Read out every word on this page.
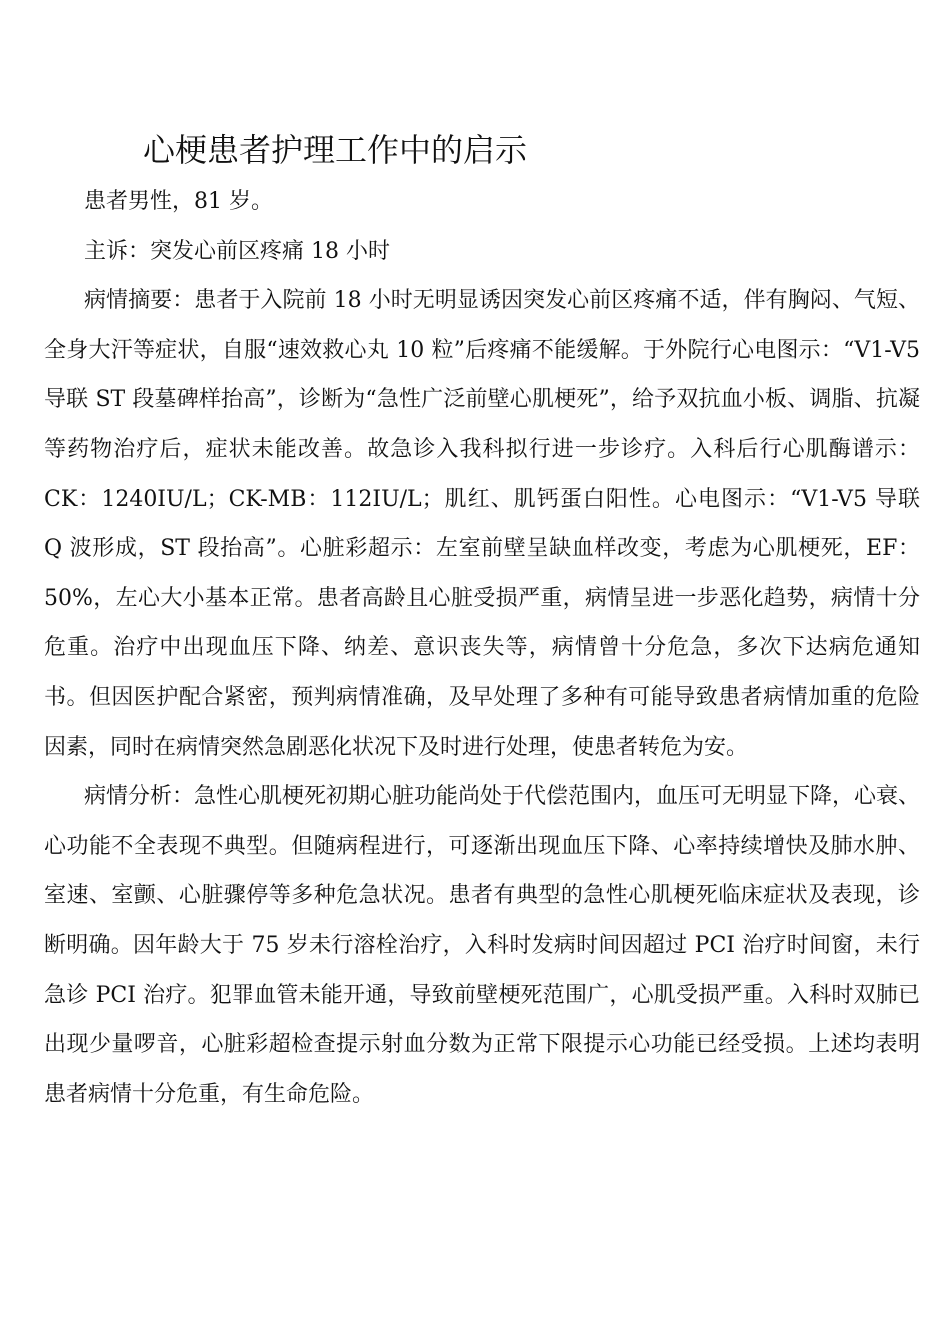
心梗患者护理工作中的启示

患者男性，81 岁。

主诉：突发心前区疼痛 18 小时

病情摘要：患者于入院前 18 小时无明显诱因突发心前区疼痛不适，伴有胸闷、气短、全身大汗等症状，自服“速效救心丸 10 粒”后疼痛不能缓解。于外院行心电图示：“V1-V5 导联 ST 段墓碑样抬高”，诊断为“急性广泛前壁心肌梗死”，给予双抗血小板、调脂、抗凝等药物治疗后，症状未能改善。故急诊入我科拟行进一步诊疗。入科后行心肌酶谱示：CK：1240IU/L；CK-MB：112IU/L；肌红、肌钙蛋白阳性。心电图示：“V1-V5 导联 Q 波形成，ST 段抬高”。心脏彩超示：左室前壁呈缺血样改变，考虑为心肌梗死，EF：50%，左心大小基本正常。患者高龄且心脏受损严重，病情呈进一步恶化趋势，病情十分危重。治疗中出现血压下降、纳差、意识丧失等，病情曾十分危急，多次下达病危通知书。但因医护配合紧密，预判病情准确，及早处理了多种有可能导致患者病情加重的危险因素，同时在病情突然急剧恶化状况下及时进行处理，使患者转危为安。

病情分析：急性心肌梗死初期心脏功能尚处于代偿范围内，血压可无明显下降，心衰、心功能不全表现不典型。但随病程进行，可逐渐出现血压下降、心率持续增快及肺水肿、室速、室颤、心脏骤停等多种危急状况。患者有典型的急性心肌梗死临床症状及表现，诊断明确。因年龄大于 75 岁未行溶栓治疗，入科时发病时间因超过 PCI 治疗时间窗，未行急诊 PCI 治疗。犯罪血管未能开通，导致前壁梗死范围广，心肌受损严重。入科时双肺已出现少量啰音，心脏彩超检查提示射血分数为正常下限提示心功能已经受损。上述均表明患者病情十分危重，有生命危险。
